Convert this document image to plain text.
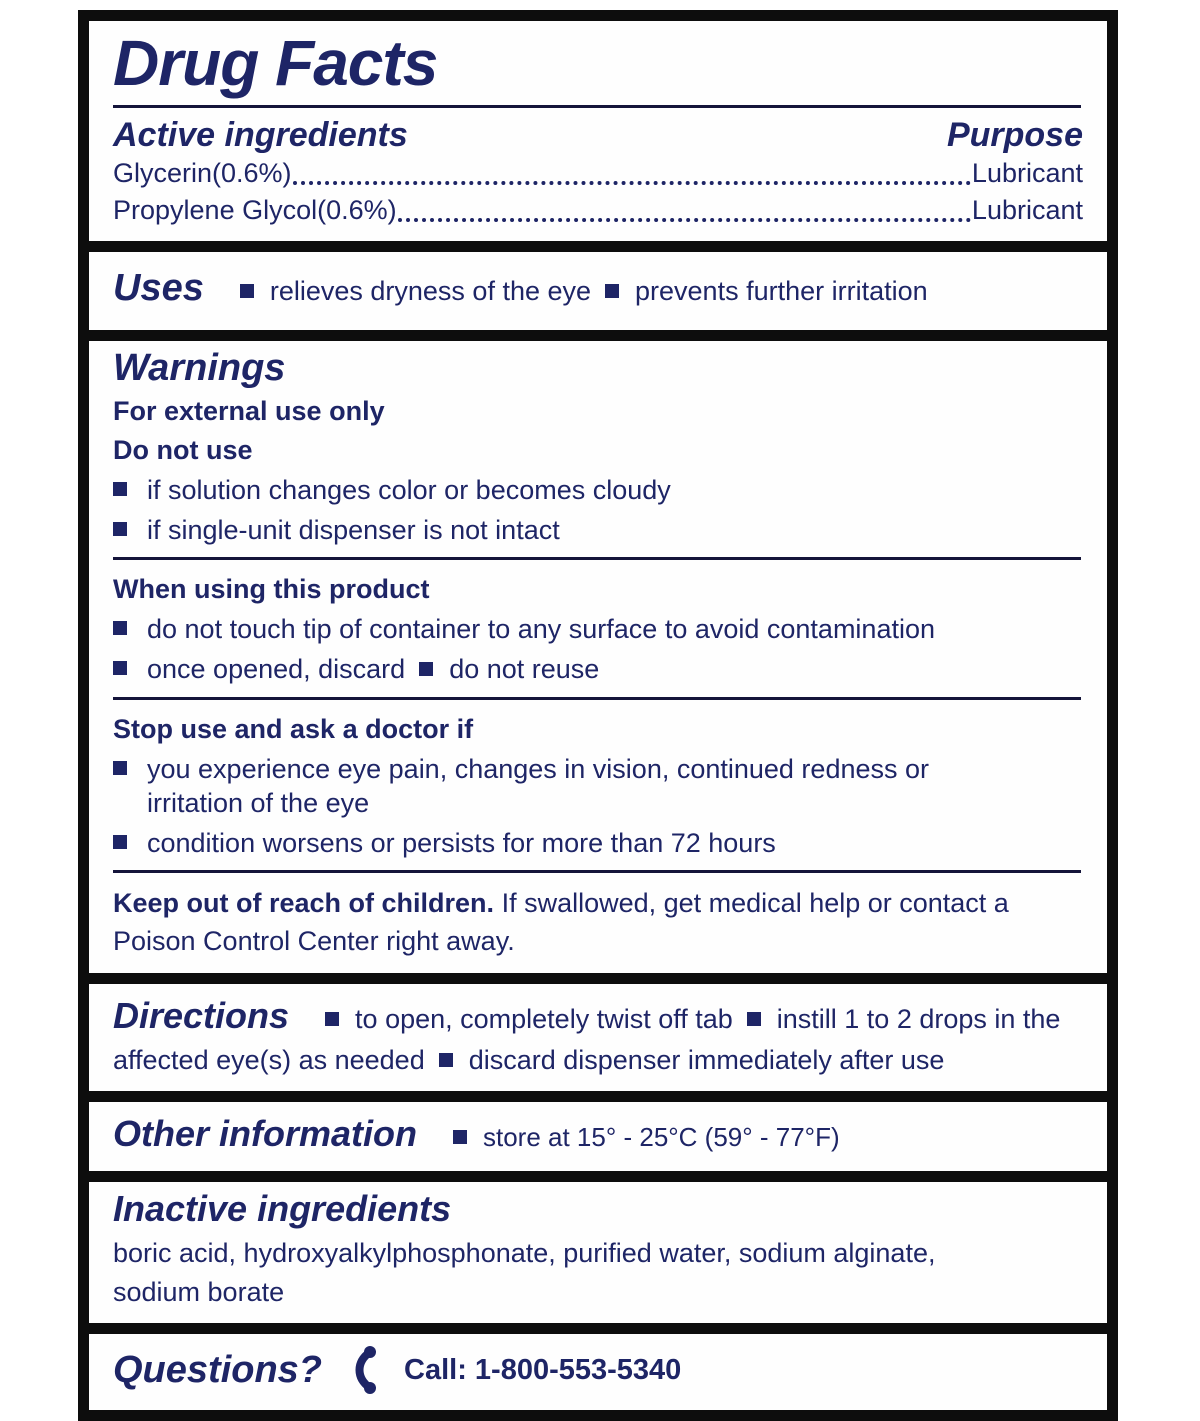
Drug Facts
Active ingredients	Purpose
Glycerin(0.6%)	Lubricant
Propylene Glycol(0.6%)	Lubricant
Uses relieves dryness of the eye prevents further irritation
Warnings
For external use only
Do not use
if solution changes color or becomes cloudy
if single-unit dispenser is not intact
When using this product
do not touch tip of container to any surface to avoid contamination
once opened, discard do not reuse
Stop use and ask a doctor if
you experience eye pain, changes in vision, continued redness or irritation of the eye
condition worsens or persists for more than 72 hours
Keep out of reach of children. If swallowed, get medical help or contact a Poison Control Center right away.
Directions to open, completely twist off tab instill 1 to 2 drops in the affected eye(s) as needed discard dispenser immediately after use
Other information	store at 15° - 25°C (59° - 77°F)
Inactive ingredients
boric acid, hydroxyalkylphosphonate, purified water, sodium alginate, sodium borate
Questions?	Call: 1-800-553-5340
